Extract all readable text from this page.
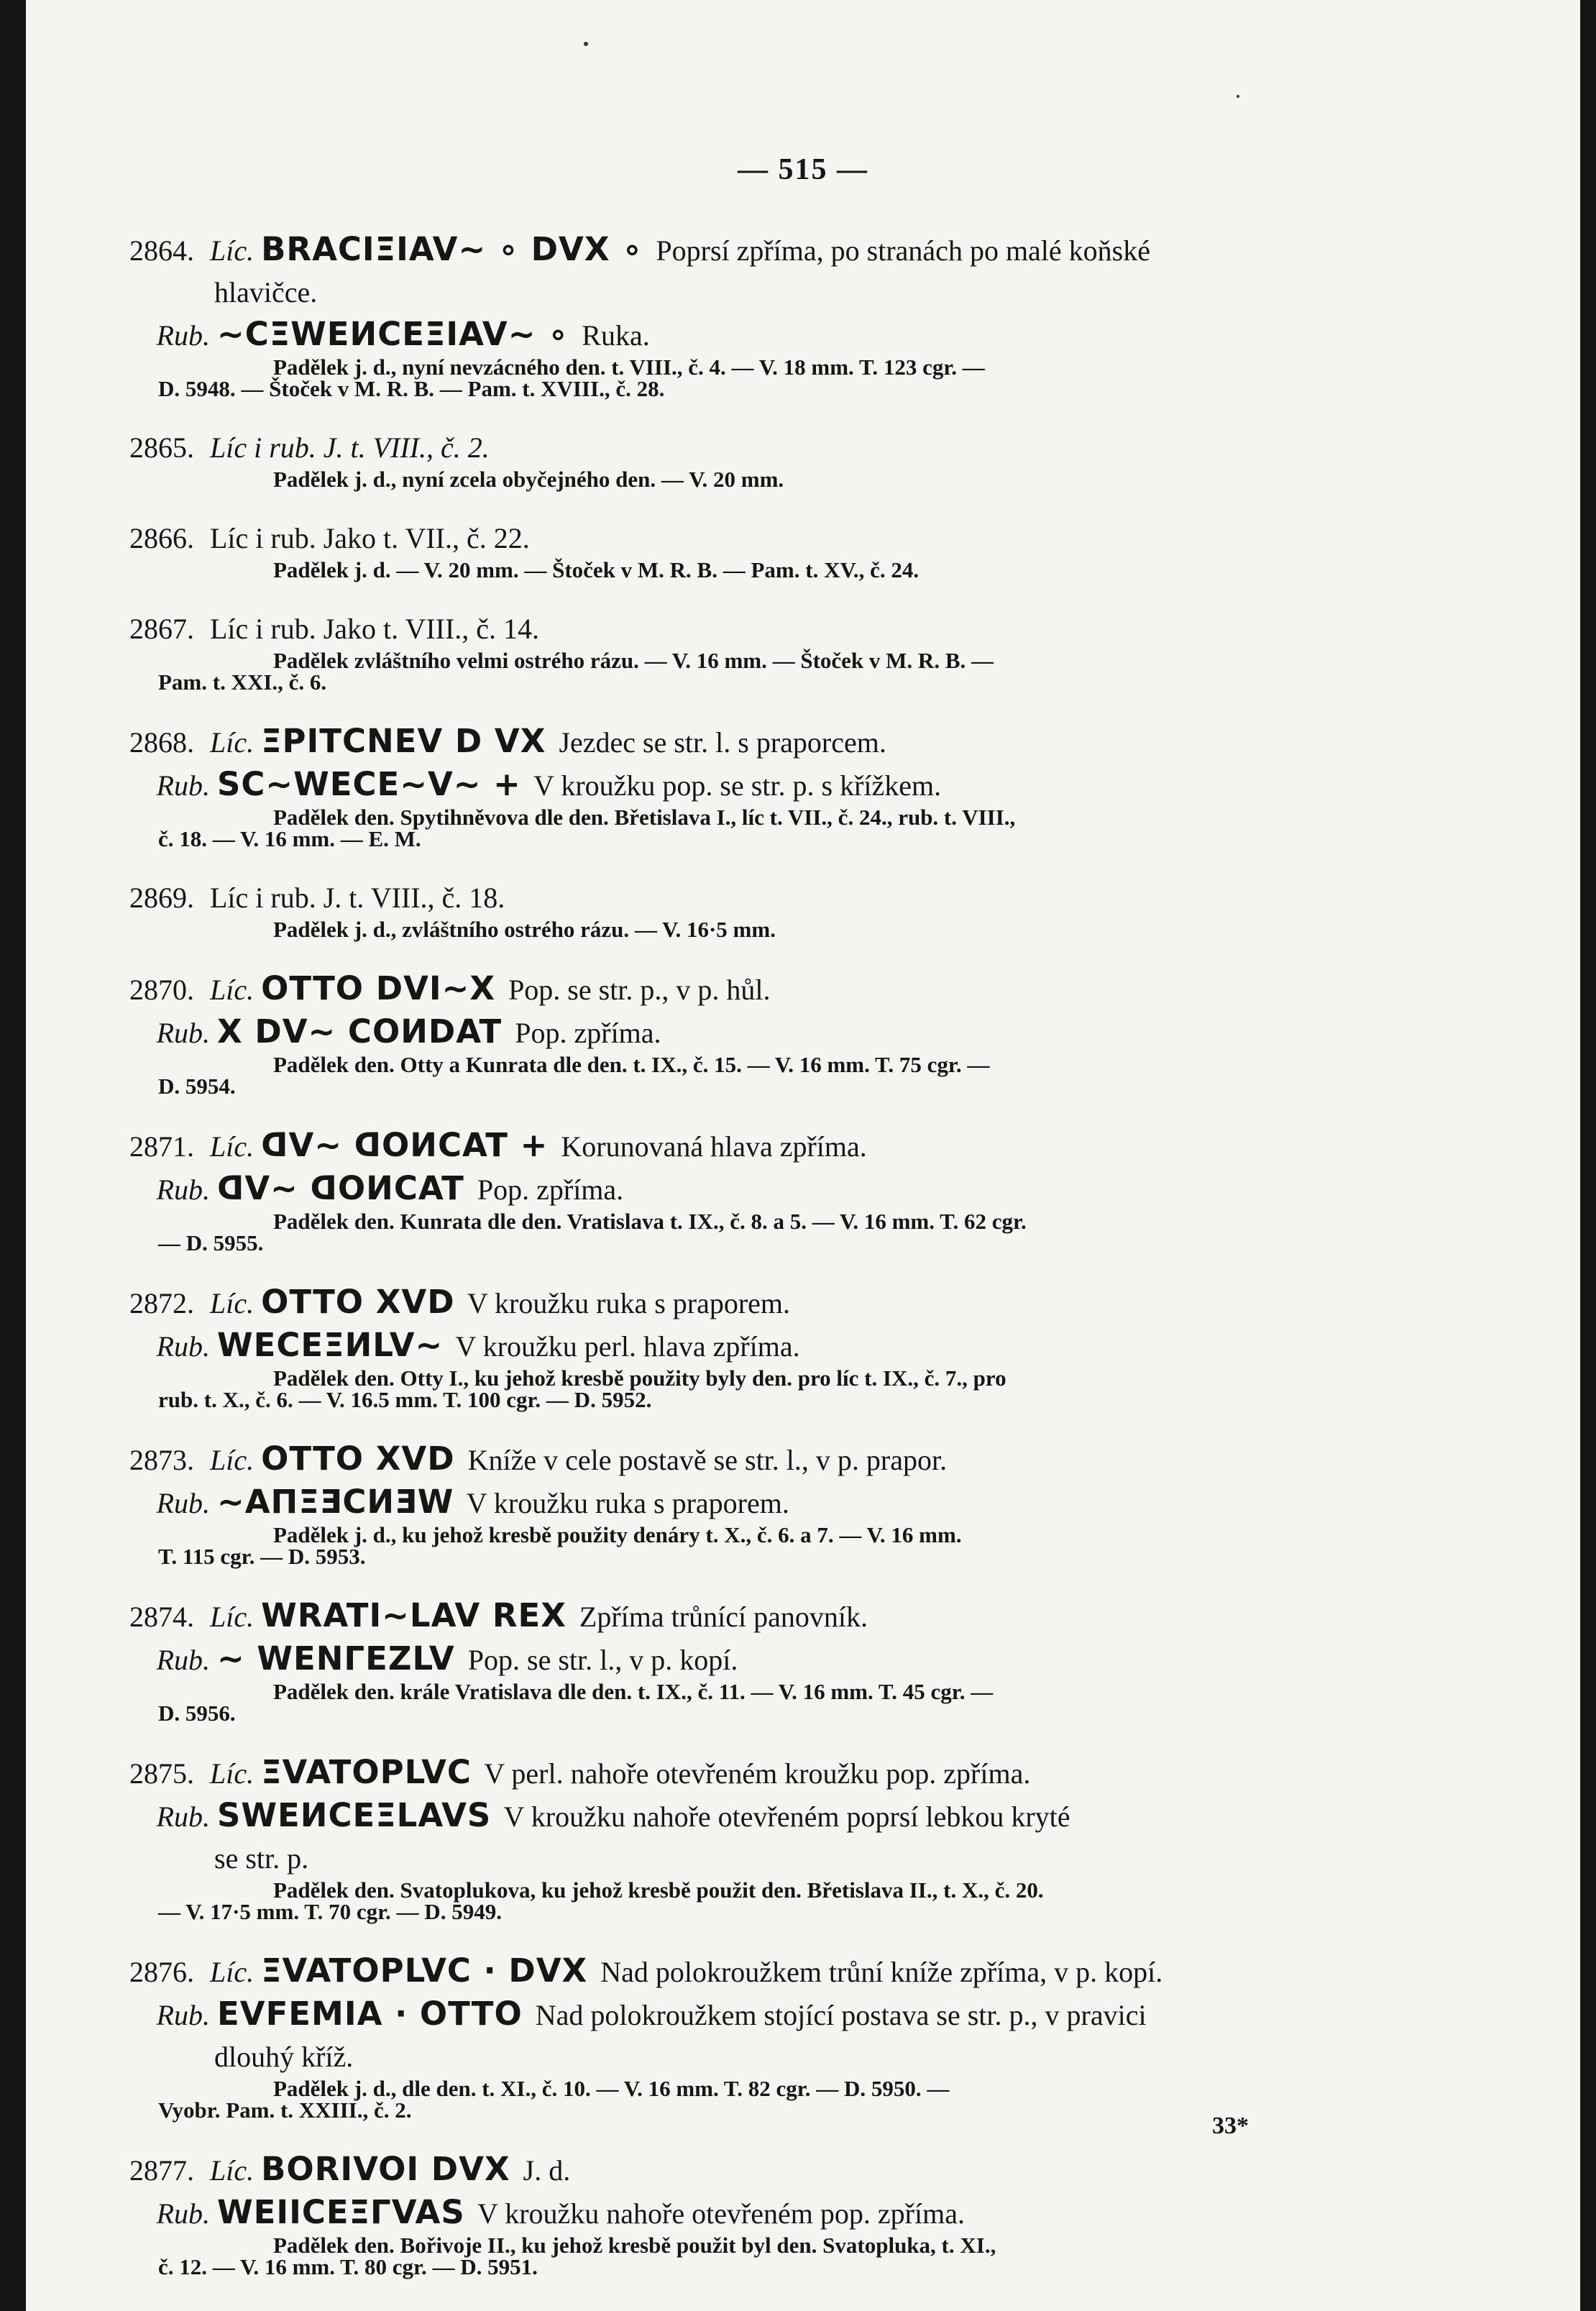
— 515 —
2864. Líc. BRACIΞIAV~ ∘ DVX ∘ Poprsí zpříma, po stranách po malé koňské
hlavičce.
Rub. ~CΞWEИCEΞIAV~ ∘ Ruka.
Padělek j. d., nyní nevzácného den. t. VIII., č. 4. — V. 18 mm. T. 123 cgr. —
D. 5948. — Štoček v M. R. B. — Pam. t. XVIII., č. 28.
2865. Líc i rub. J. t. VIII., č. 2.
Padělek j. d., nyní zcela obyčejného den. — V. 20 mm.
2866. Líc i rub. Jako t. VII., č. 22.
Padělek j. d. — V. 20 mm. — Štoček v M. R. B. — Pam. t. XV., č. 24.
2867. Líc i rub. Jako t. VIII., č. 14.
Padělek zvláštního velmi ostrého rázu. — V. 16 mm. — Štoček v M. R. B. —
Pam. t. XXI., č. 6.
2868. Líc. ΞPITCNEV D VX Jezdec se str. l. s praporcem.
Rub. SC~WECE~V~ + V kroužku pop. se str. p. s křížkem.
Padělek den. Spytihněvova dle den. Břetislava I., líc t. VII., č. 24., rub. t. VIII.,
č. 18. — V. 16 mm. — E. M.
2869. Líc i rub. J. t. VIII., č. 18.
Padělek j. d., zvláštního ostrého rázu. — V. 16·5 mm.
2870. Líc. OTTO DVI~X Pop. se str. p., v p. hůl.
Rub. X DV~ COИDAT Pop. zpříma.
Padělek den. Otty a Kunrata dle den. t. IX., č. 15. — V. 16 mm. T. 75 cgr. —
D. 5954.
2871. Líc. ᗡV~ ᗡOИCAT + Korunovaná hlava zpříma.
Rub. ᗡV~ ᗡOИCAT Pop. zpříma.
Padělek den. Kunrata dle den. Vratislava t. IX., č. 8. a 5. — V. 16 mm. T. 62 cgr.
— D. 5955.
2872. Líc. OTTO XVD V kroužku ruka s praporem.
Rub. WECEΞИLV~ V kroužku perl. hlava zpříma.
Padělek den. Otty I., ku jehož kresbě použity byly den. pro líc t. IX., č. 7., pro
rub. t. X., č. 6. — V. 16.5 mm. T. 100 cgr. — D. 5952.
2873. Líc. OTTO XVD Kníže v cele postavě se str. l., v p. prapor.
Rub. ~AΠΞƎCИƎW V kroužku ruka s praporem.
Padělek j. d., ku jehož kresbě použity denáry t. X., č. 6. a 7. — V. 16 mm.
T. 115 cgr. — D. 5953.
2874. Líc. WRATI~LAV REX Zpříma trůnící panovník.
Rub. ~ WENΓEZLV Pop. se str. l., v p. kopí.
Padělek den. krále Vratislava dle den. t. IX., č. 11. — V. 16 mm. T. 45 cgr. —
D. 5956.
2875. Líc. ΞVATOPLVC V perl. nahoře otevřeném kroužku pop. zpříma.
Rub. SWEИCEΞLAVS V kroužku nahoře otevřeném poprsí lebkou kryté
se str. p.
Padělek den. Svatoplukova, ku jehož kresbě použit den. Břetislava II., t. X., č. 20.
— V. 17·5 mm. T. 70 cgr. — D. 5949.
2876. Líc. ΞVATOPLVC · DVX Nad polokroužkem trůní kníže zpříma, v p. kopí.
Rub. EVFEMIA · OTTO Nad polokroužkem stojící postava se str. p., v pravici
dlouhý kříž.
Padělek j. d., dle den. t. XI., č. 10. — V. 16 mm. T. 82 cgr. — D. 5950. —
Vyobr. Pam. t. XXIII., č. 2.
2877. Líc. BORIVOI DVX J. d.
Rub. WEIICEΞΓVAS V kroužku nahoře otevřeném pop. zpříma.
Padělek den. Bořivoje II., ku jehož kresbě použit byl den. Svatopluka, t. XI.,
č. 12. — V. 16 mm. T. 80 cgr. — D. 5951.
33*
